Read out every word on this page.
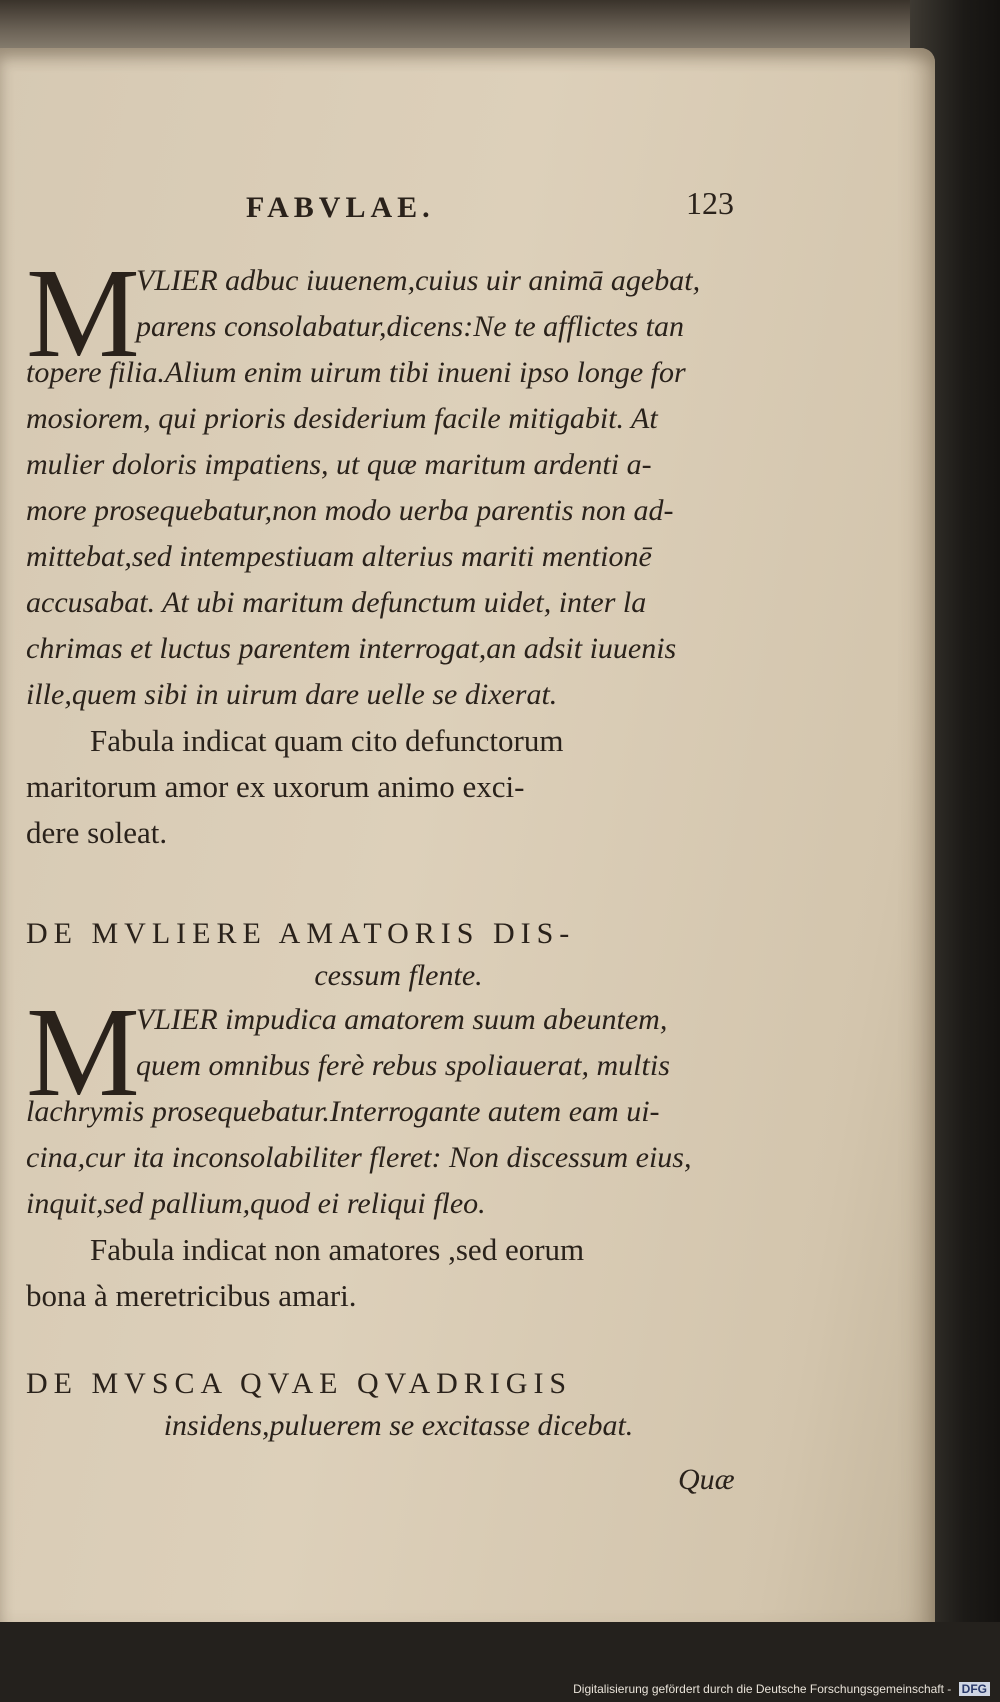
FABVLAE.	123
M
VLIER adbuc iuuenem,cuius uir animā agebat,
parens consolabatur,dicens:Ne te afflictes tan
topere filia.Alium enim uirum tibi inueni ipso longe for
mosiorem, qui prioris desiderium facile mitigabit. At
mulier doloris impatiens, ut quæ maritum ardenti a-
more prosequebatur,non modo uerba parentis non ad-
mittebat,sed intempestiuam alterius mariti mentionē
accusabat. At ubi maritum defunctum uidet, inter la
chrimas et luctus parentem interrogat,an adsit iuuenis
ille,quem sibi in uirum dare uelle se dixerat.
Fabula indicat quam cito defunctorum
maritorum amor ex uxorum animo exci-
dere soleat.
DE MVLIERE AMATORIS DIS-
cessum flente.
M
VLIER impudica amatorem suum abeuntem,
quem omnibus ferè rebus spoliauerat, multis
lachrymis prosequebatur.Interrogante autem eam ui-
cina,cur ita inconsolabiliter fleret: Non discessum eius,
inquit,sed pallium,quod ei reliqui fleo.
Fabula indicat non amatores ,sed eorum
bona à meretricibus amari.
DE MVSCA QVAE QVADRIGIS
insidens,puluerem se excitasse dicebat.
Quæ
Digitalisierung gefördert durch die Deutsche Forschungsgemeinschaft - DFG
